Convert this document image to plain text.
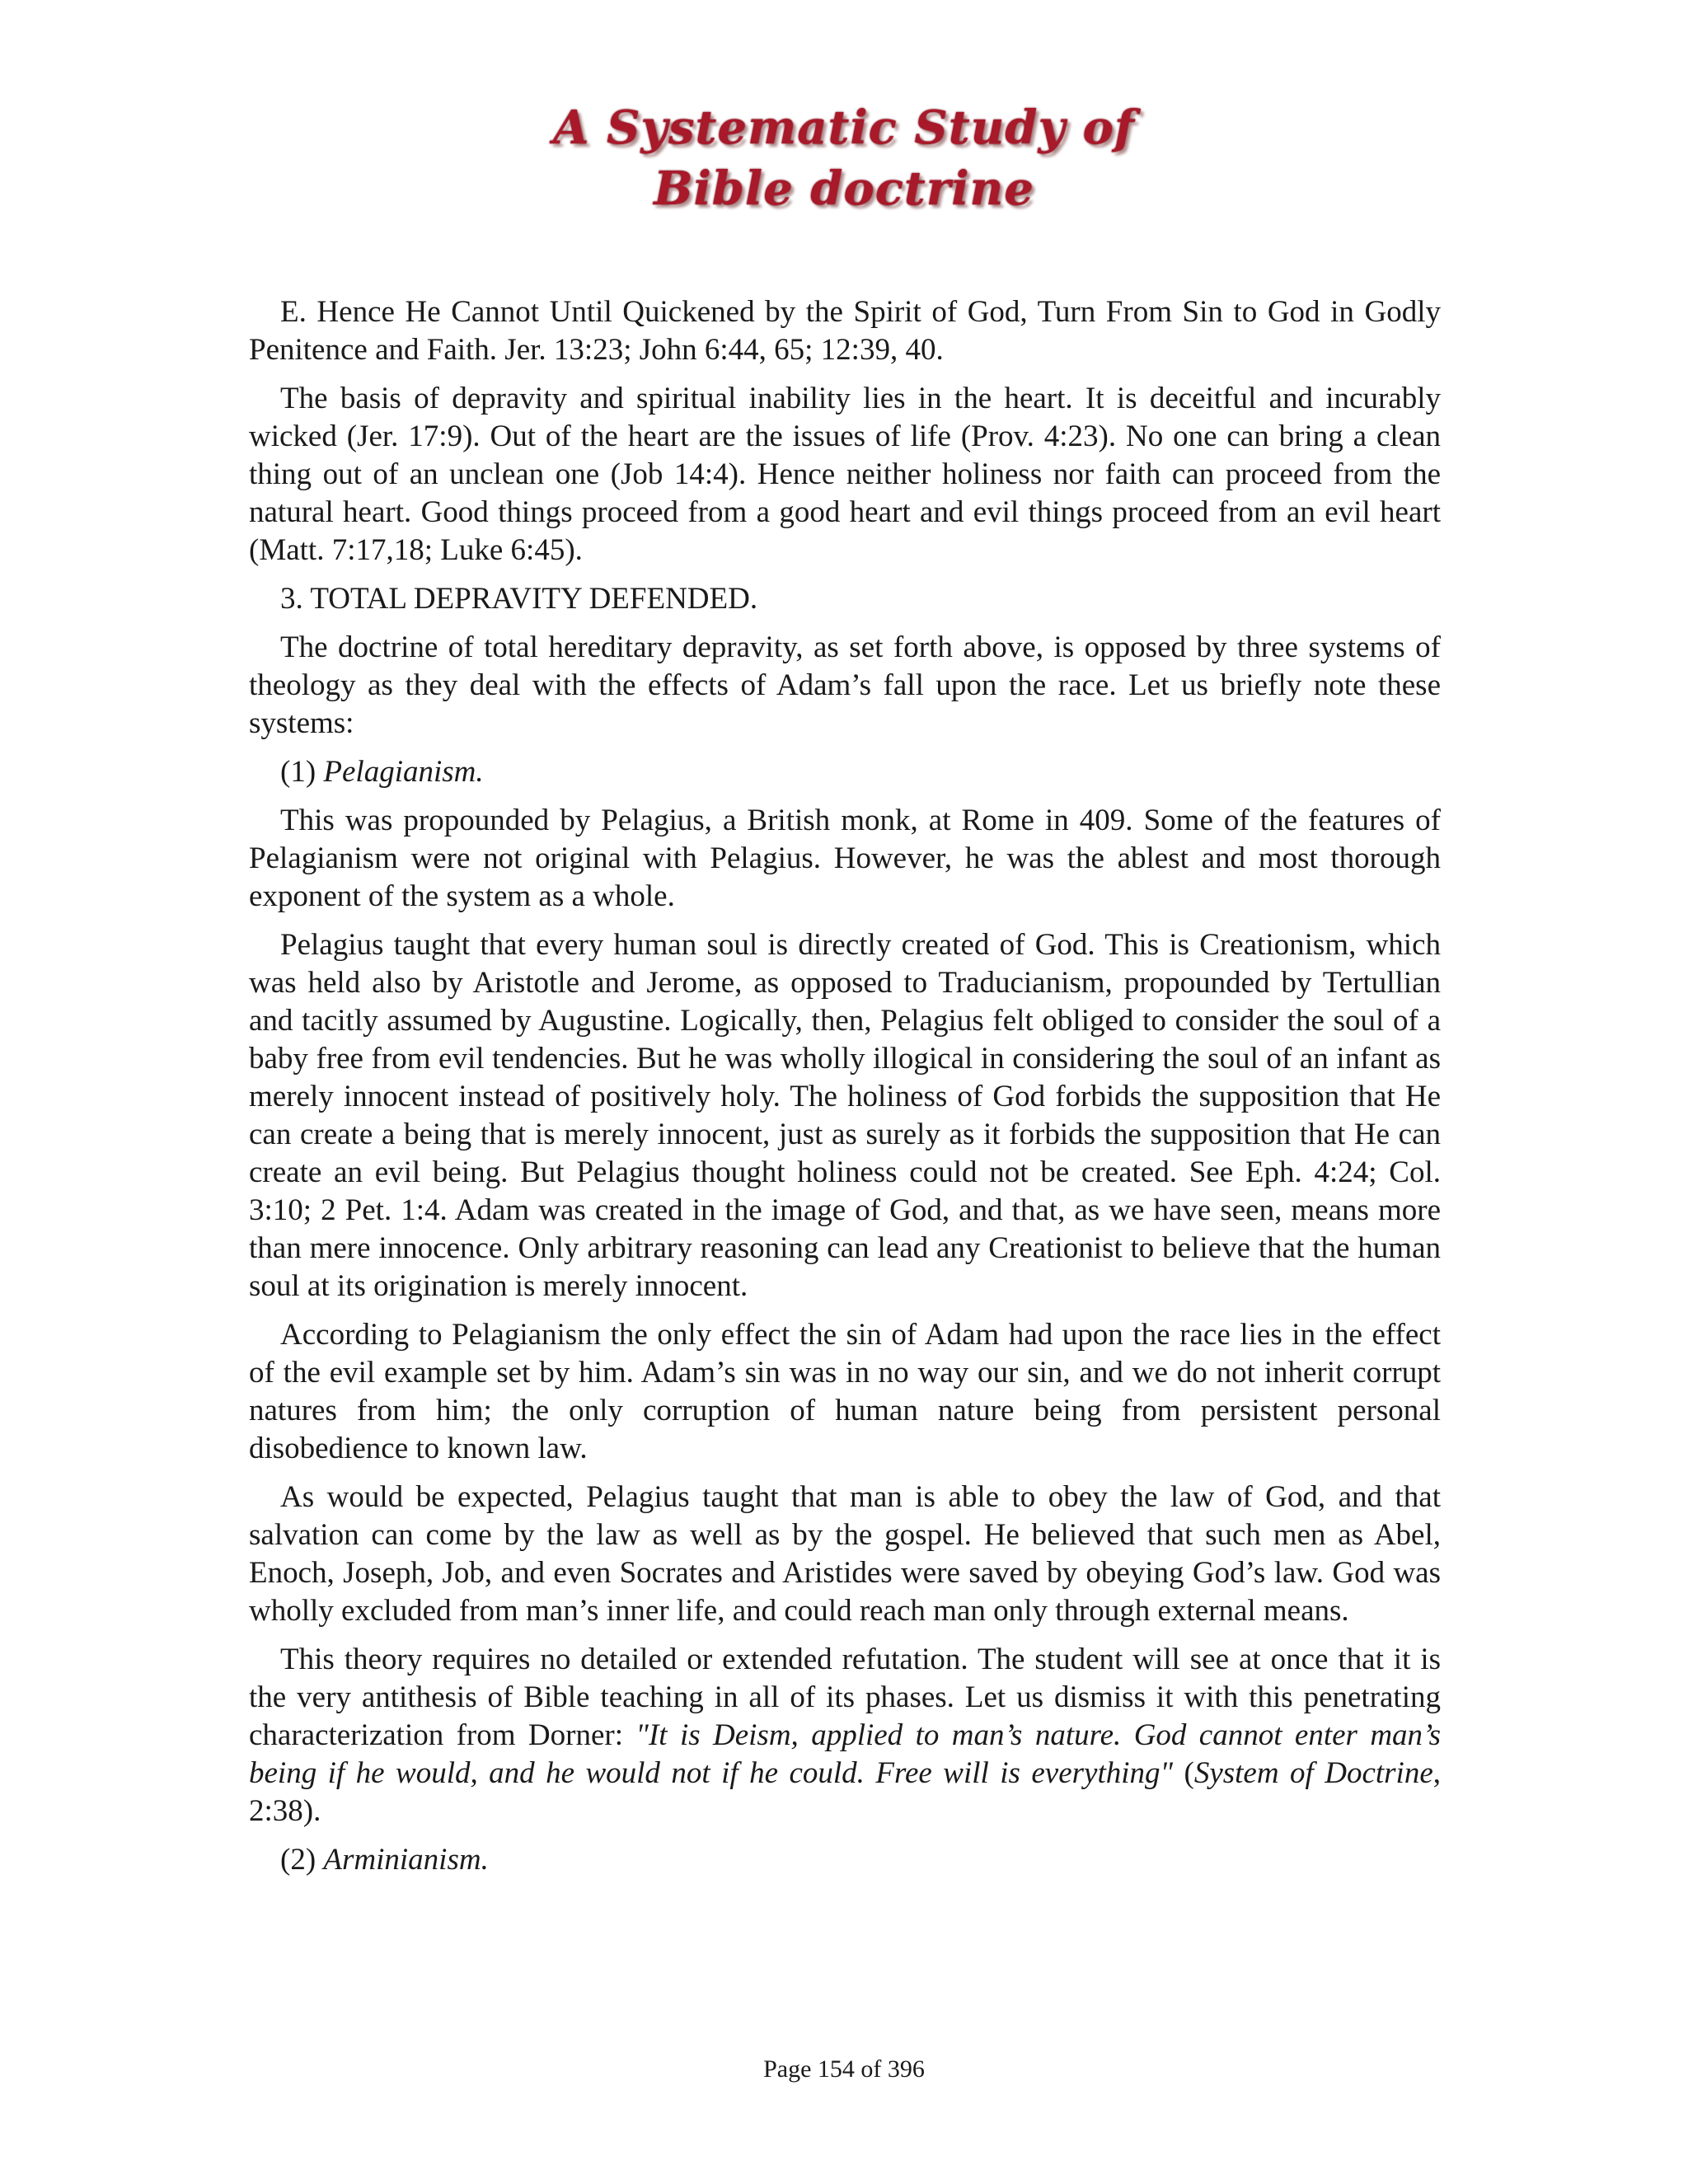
A Systematic Study of
Bible doctrine

E. Hence He Cannot Until Quickened by the Spirit of God, Turn From Sin to God in Godly Penitence and Faith. Jer. 13:23; John 6:44, 65; 12:39, 40.

The basis of depravity and spiritual inability lies in the heart. It is deceitful and incurably wicked (Jer. 17:9). Out of the heart are the issues of life (Prov. 4:23). No one can bring a clean thing out of an unclean one (Job 14:4). Hence neither holiness nor faith can proceed from the natural heart. Good things proceed from a good heart and evil things proceed from an evil heart (Matt. 7:17,18; Luke 6:45).

3. TOTAL DEPRAVITY DEFENDED.

The doctrine of total hereditary depravity, as set forth above, is opposed by three systems of theology as they deal with the effects of Adam’s fall upon the race. Let us briefly note these systems:

(1) Pelagianism.

This was propounded by Pelagius, a British monk, at Rome in 409. Some of the features of Pelagianism were not original with Pelagius. However, he was the ablest and most thorough exponent of the system as a whole.

Pelagius taught that every human soul is directly created of God. This is Creationism, which was held also by Aristotle and Jerome, as opposed to Traducianism, propounded by Tertullian and tacitly assumed by Augustine. Logically, then, Pelagius felt obliged to consider the soul of a baby free from evil tendencies. But he was wholly illogical in considering the soul of an infant as merely innocent instead of positively holy. The holiness of God forbids the supposition that He can create a being that is merely innocent, just as surely as it forbids the supposition that He can create an evil being. But Pelagius thought holiness could not be created. See Eph. 4:24; Col. 3:10; 2 Pet. 1:4. Adam was created in the image of God, and that, as we have seen, means more than mere innocence. Only arbitrary reasoning can lead any Creationist to believe that the human soul at its origination is merely innocent.

According to Pelagianism the only effect the sin of Adam had upon the race lies in the effect of the evil example set by him. Adam’s sin was in no way our sin, and we do not inherit corrupt natures from him; the only corruption of human nature being from persistent personal disobedience to known law.

As would be expected, Pelagius taught that man is able to obey the law of God, and that salvation can come by the law as well as by the gospel. He believed that such men as Abel, Enoch, Joseph, Job, and even Socrates and Aristides were saved by obeying God’s law. God was wholly excluded from man’s inner life, and could reach man only through external means.

This theory requires no detailed or extended refutation. The student will see at once that it is the very antithesis of Bible teaching in all of its phases. Let us dismiss it with this penetrating characterization from Dorner: "It is Deism, applied to man’s nature. God cannot enter man’s being if he would, and he would not if he could. Free will is everything" (System of Doctrine, 2:38).

(2) Arminianism.

Page 154 of 396
